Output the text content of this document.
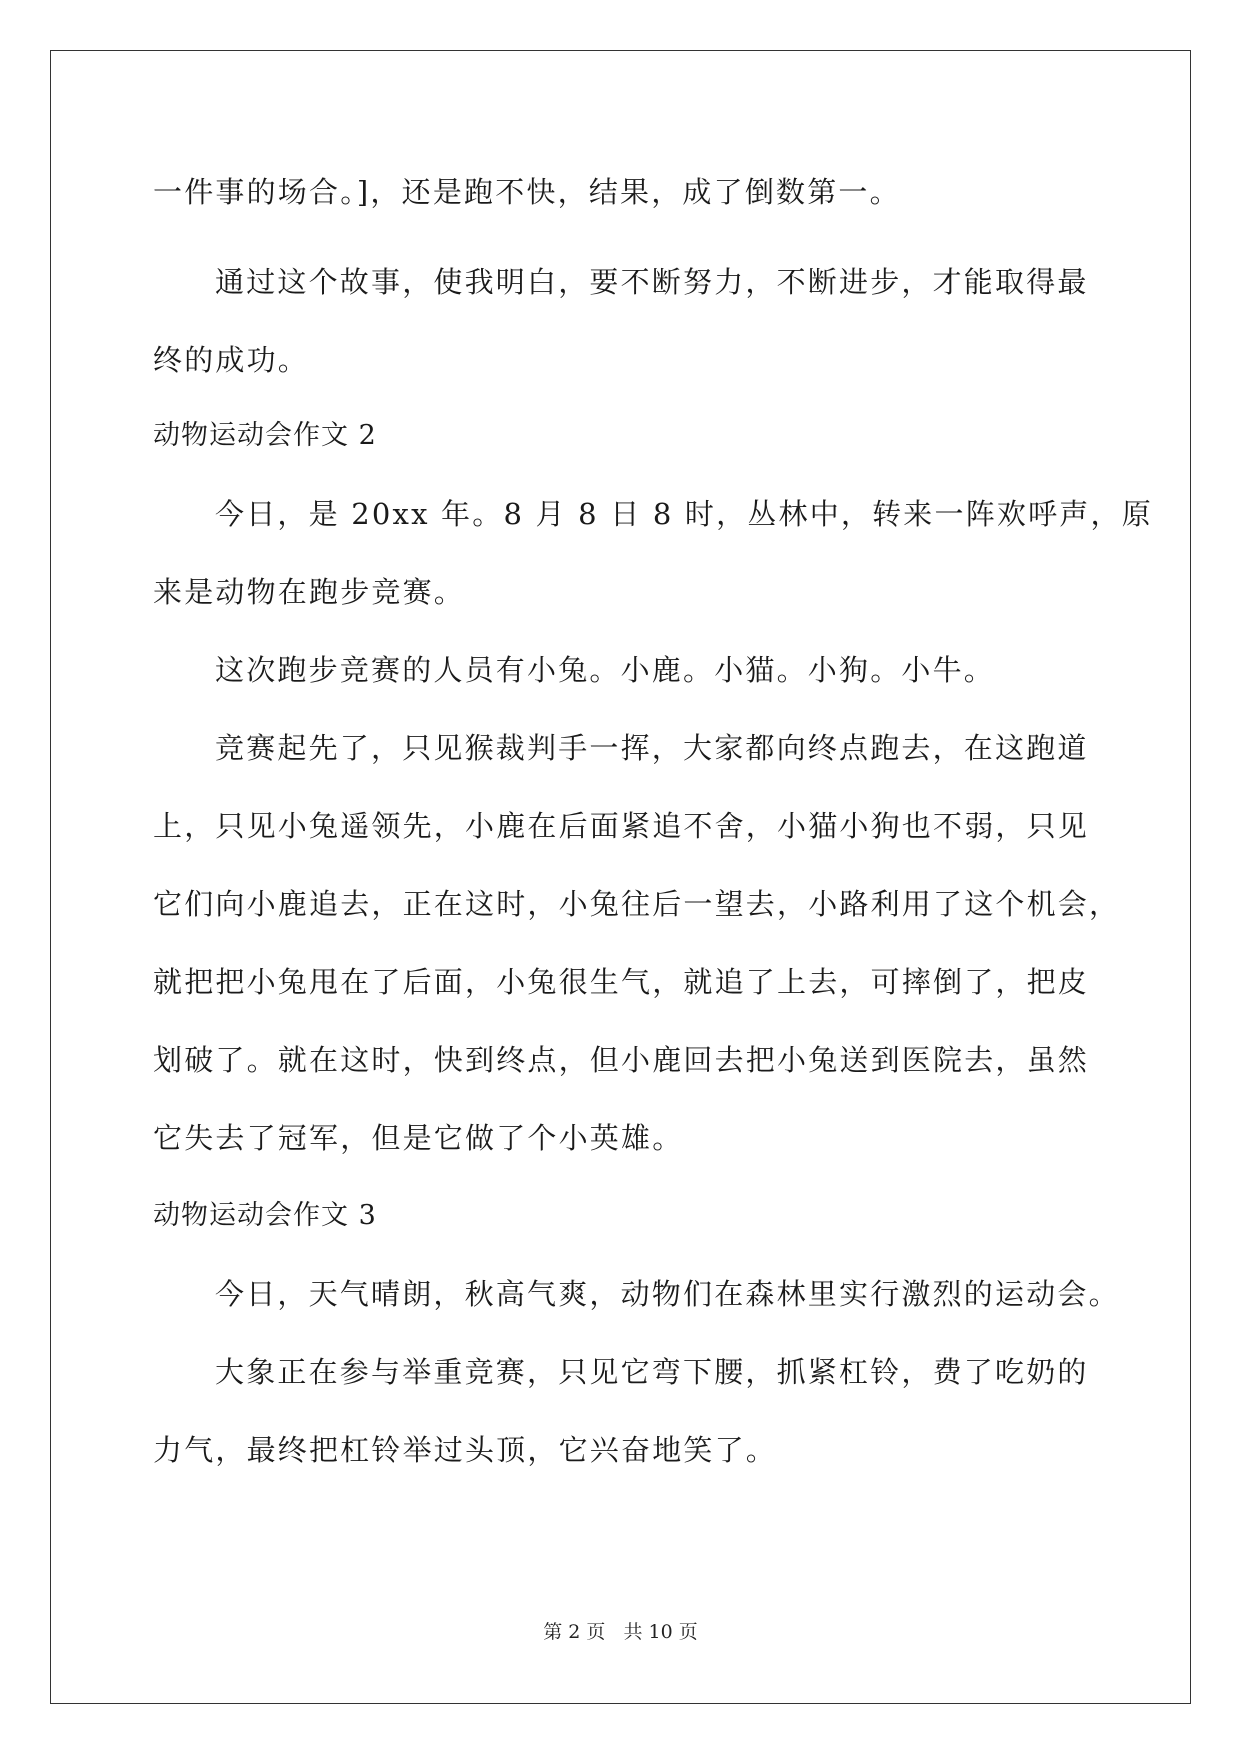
一件事的场合。]，还是跑不快，结果，成了倒数第一。
通过这个故事，使我明白，要不断努力，不断进步，才能取得最
终的成功。
动物运动会作文 2
今日，是 20xx 年。8 月 8 日 8 时，丛林中，转来一阵欢呼声，原
来是动物在跑步竞赛。
这次跑步竞赛的人员有小兔。小鹿。小猫。小狗。小牛。
竞赛起先了，只见猴裁判手一挥，大家都向终点跑去，在这跑道
上，只见小兔遥领先，小鹿在后面紧追不舍，小猫小狗也不弱，只见
它们向小鹿追去，正在这时，小兔往后一望去，小路利用了这个机会，
就把把小兔甩在了后面，小兔很生气，就追了上去，可摔倒了，把皮
划破了。就在这时，快到终点，但小鹿回去把小兔送到医院去，虽然
它失去了冠军，但是它做了个小英雄。
动物运动会作文 3
今日，天气晴朗，秋高气爽，动物们在森林里实行激烈的运动会。
大象正在参与举重竞赛，只见它弯下腰，抓紧杠铃，费了吃奶的
力气，最终把杠铃举过头顶，它兴奋地笑了。
第 2 页 共 10 页
